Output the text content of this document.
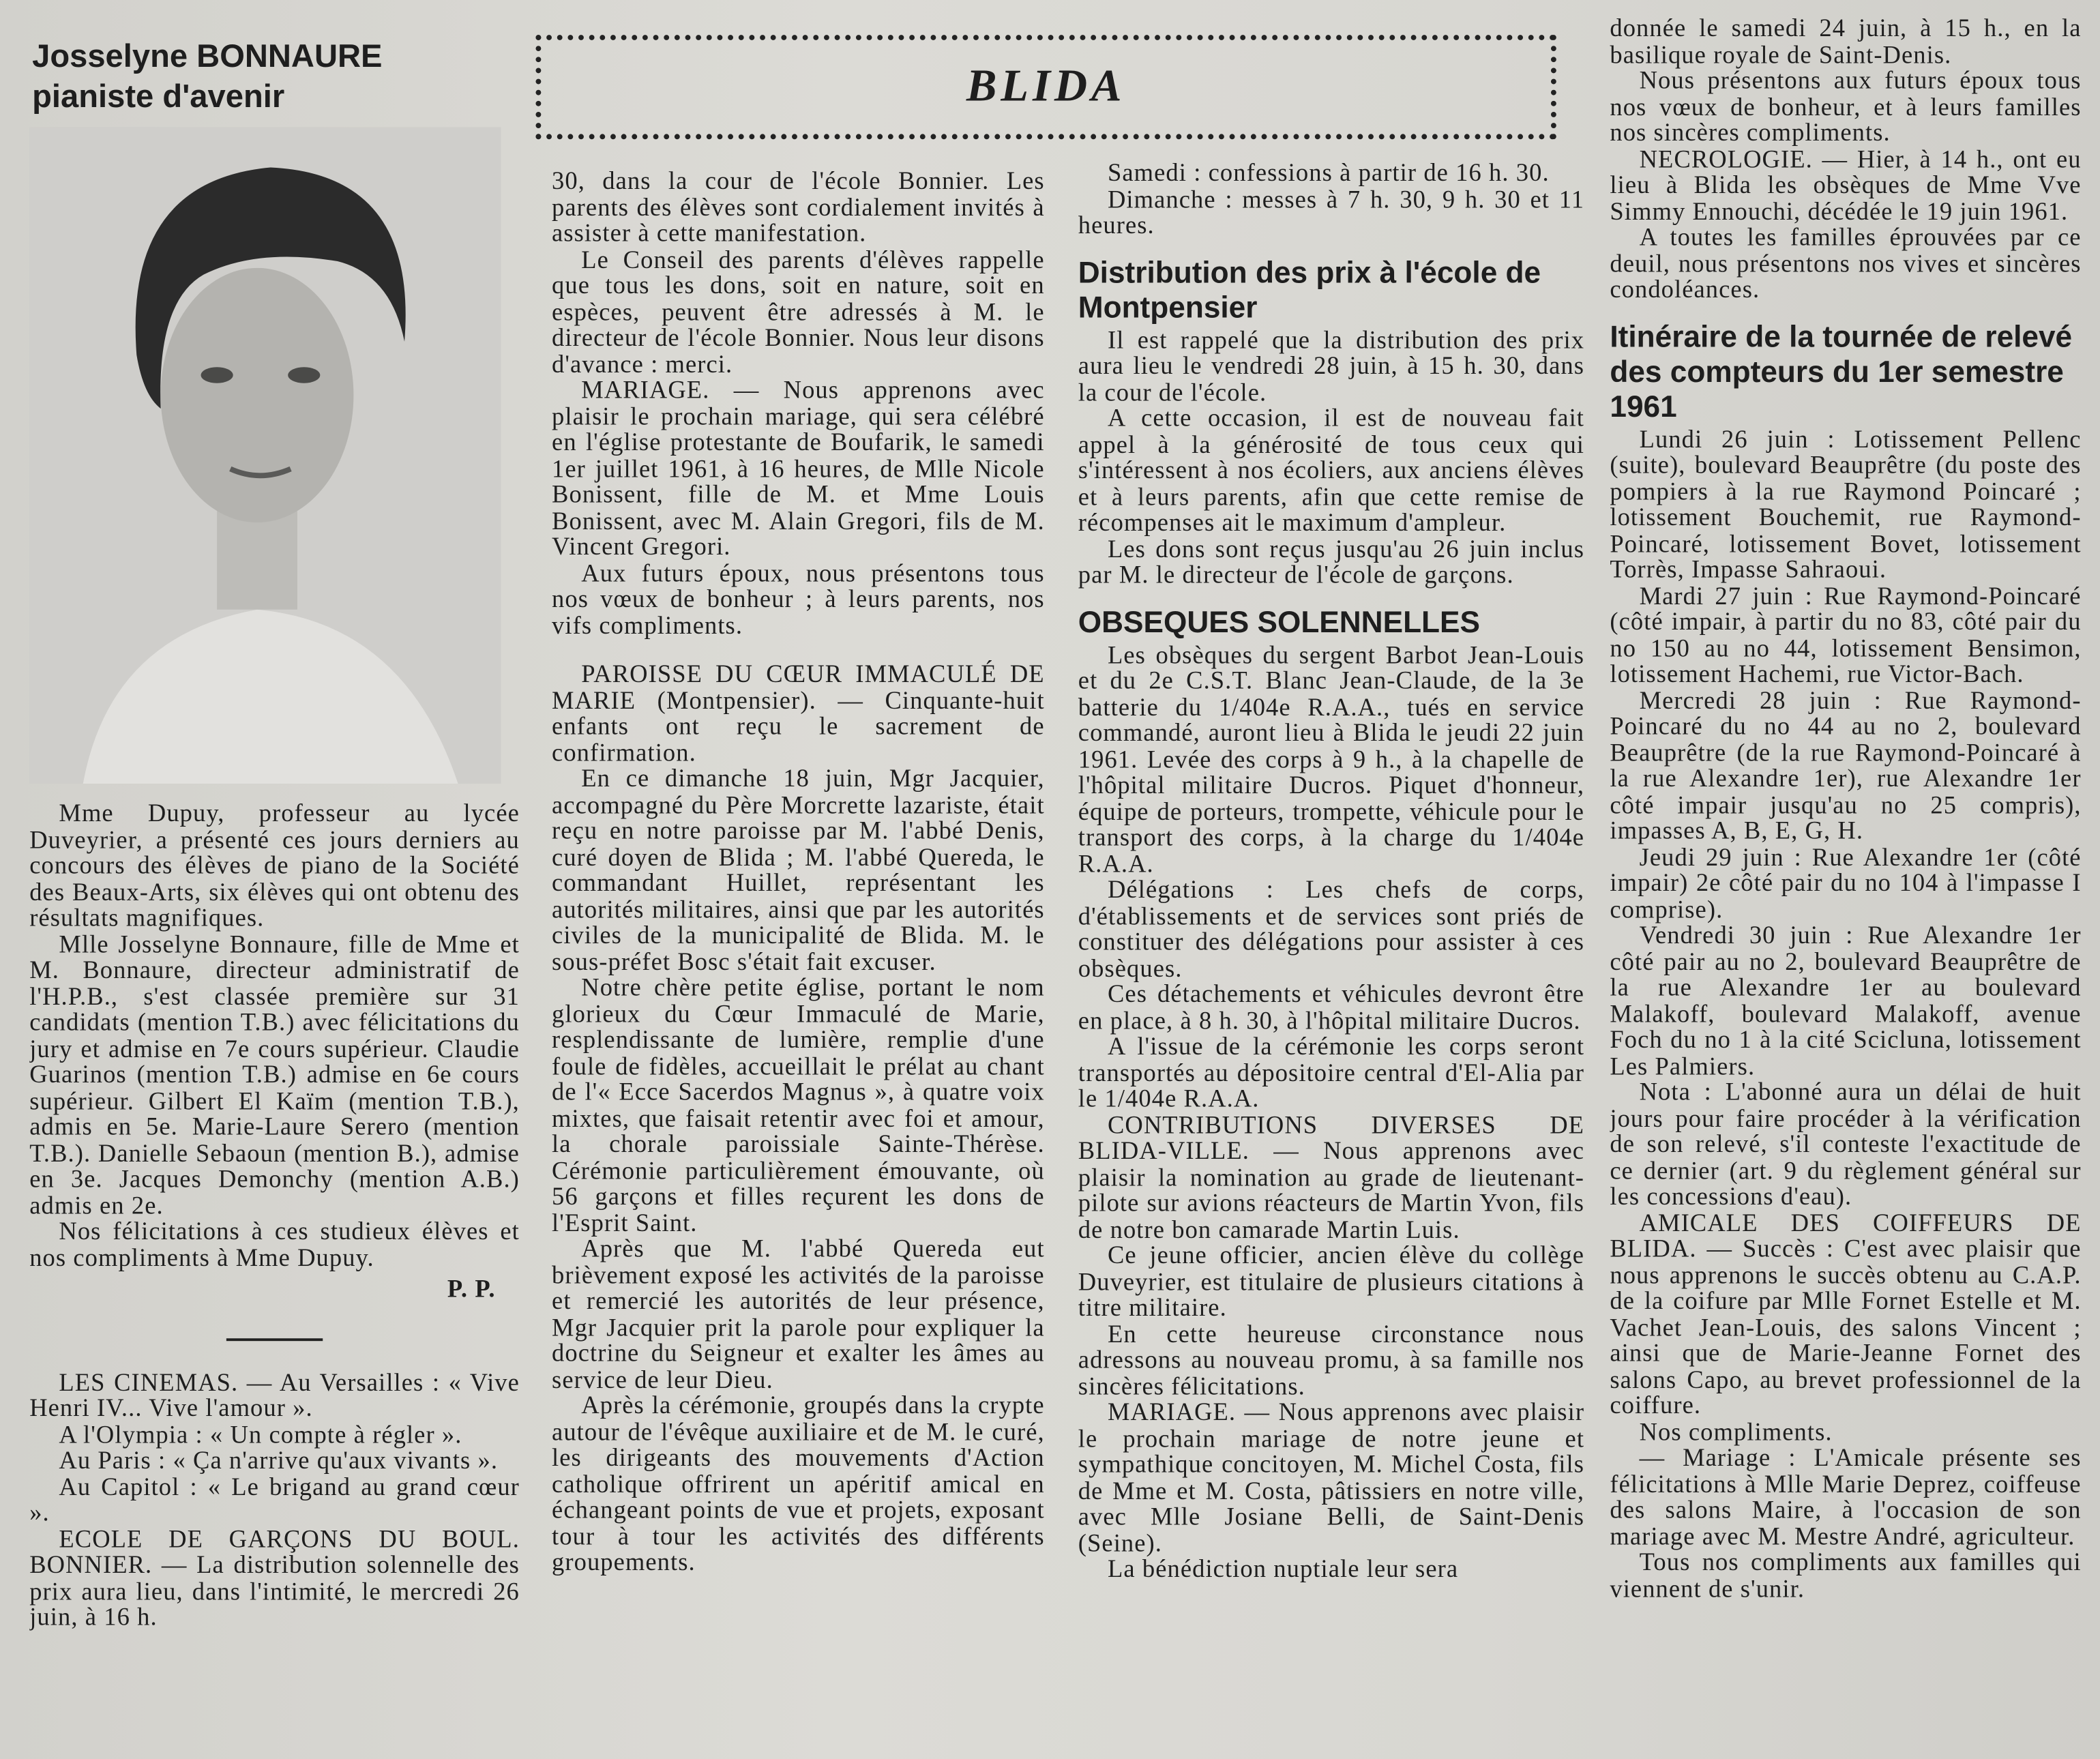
Josselyne BONNAURE
pianiste d'avenir	BLIDA

Mme Dupuy, professeur au lycée Duveyrier, a présenté ces jours derniers au concours des élèves de piano de la Société des Beaux-Arts, six élèves qui ont obtenu des résultats magnifiques.

Mlle Josselyne Bonnaure, fille de Mme et M. Bonnaure, directeur administratif de l'H.P.B., s'est classée première sur 31 candidats (mention T.B.) avec félicitations du jury et admise en 7e cours supérieur. Claudie Guarinos (mention T.B.) admise en 6e cours supérieur. Gilbert El Kaïm (mention T.B.), admis en 5e. Marie-Laure Serero (mention T.B.). Danielle Sebaoun (mention B.), admise en 3e. Jacques Demonchy (mention A.B.) admis en 2e.

Nos félicitations à ces studieux élèves et nos compliments à Mme Dupuy.

P. P.

LES CINEMAS. — Au Versailles : « Vive Henri IV... Vive l'amour ».

A l'Olympia : « Un compte à régler ».

Au Paris : « Ça n'arrive qu'aux vivants ».

Au Capitol : « Le brigand au grand cœur ».

ECOLE DE GARÇONS DU BOUL. BONNIER. — La distribution solennelle des prix aura lieu, dans l'intimité, le mercredi 26 juin, à 16 h.

30, dans la cour de l'école Bonnier. Les parents des élèves sont cordialement invités à assister à cette manifestation.

Le Conseil des parents d'élèves rappelle que tous les dons, soit en nature, soit en espèces, peuvent être adressés à M. le directeur de l'école Bonnier. Nous leur disons d'avance : merci.

MARIAGE. — Nous apprenons avec plaisir le prochain mariage, qui sera célébré en l'église protestante de Boufarik, le samedi 1er juillet 1961, à 16 heures, de Mlle Nicole Bonissent, fille de M. et Mme Louis Bonissent, avec M. Alain Gregori, fils de M. Vincent Gregori.

Aux futurs époux, nous présentons tous nos vœux de bonheur ; à leurs parents, nos vifs compliments.

PAROISSE DU CŒUR IMMACULÉ DE MARIE (Montpensier). — Cinquante-huit enfants ont reçu le sacrement de confirmation.

En ce dimanche 18 juin, Mgr Jacquier, accompagné du Père Morcrette lazariste, était reçu en notre paroisse par M. l'abbé Denis, curé doyen de Blida ; M. l'abbé Quereda, le commandant Huillet, représentant les autorités militaires, ainsi que par les autorités civiles de la municipalité de Blida. M. le sous-préfet Bosc s'était fait excuser.

Notre chère petite église, portant le nom glorieux du Cœur Immaculé de Marie, resplendissante de lumière, remplie d'une foule de fidèles, accueillait le prélat au chant de l'« Ecce Sacerdos Magnus », à quatre voix mixtes, que faisait retentir avec foi et amour, la chorale paroissiale Sainte-Thérèse. Cérémonie particulièrement émouvante, où 56 garçons et filles reçurent les dons de l'Esprit Saint.

Après que M. l'abbé Quereda eut brièvement exposé les activités de la paroisse et remercié les autorités de leur présence, Mgr Jacquier prit la parole pour expliquer la doctrine du Seigneur et exalter les âmes au service de leur Dieu.

Après la cérémonie, groupés dans la crypte autour de l'évêque auxiliaire et de M. le curé, les dirigeants des mouvements d'Action catholique offrirent un apéritif amical en échangeant points de vue et projets, exposant tour à tour les activités des différents groupements.

Samedi : confessions à partir de 16 h. 30.

Dimanche : messes à 7 h. 30, 9 h. 30 et 11 heures.

Distribution des prix à l'école de Montpensier

Il est rappelé que la distribution des prix aura lieu le vendredi 28 juin, à 15 h. 30, dans la cour de l'école.

A cette occasion, il est de nouveau fait appel à la générosité de tous ceux qui s'intéressent à nos écoliers, aux anciens élèves et à leurs parents, afin que cette remise de récompenses ait le maximum d'ampleur.

Les dons sont reçus jusqu'au 26 juin inclus par M. le directeur de l'école de garçons.

OBSEQUES SOLENNELLES

Les obsèques du sergent Barbot Jean-Louis et du 2e C.S.T. Blanc Jean-Claude, de la 3e batterie du 1/404e R.A.A., tués en service commandé, auront lieu à Blida le jeudi 22 juin 1961. Levée des corps à 9 h., à la chapelle de l'hôpital militaire Ducros. Piquet d'honneur, équipe de porteurs, trompette, véhicule pour le transport des corps, à la charge du 1/404e R.A.A.

Délégations : Les chefs de corps, d'établissements et de services sont priés de constituer des délégations pour assister à ces obsèques.

Ces détachements et véhicules devront être en place, à 8 h. 30, à l'hôpital militaire Ducros.

A l'issue de la cérémonie les corps seront transportés au dépositoire central d'El-Alia par le 1/404e R.A.A.

CONTRIBUTIONS DIVERSES DE BLIDA-VILLE. — Nous apprenons avec plaisir la nomination au grade de lieutenant-pilote sur avions réacteurs de Martin Yvon, fils de notre bon camarade Martin Luis.

Ce jeune officier, ancien élève du collège Duveyrier, est titulaire de plusieurs citations à titre militaire.

En cette heureuse circonstance nous adressons au nouveau promu, à sa famille nos sincères félicitations.

MARIAGE. — Nous apprenons avec plaisir le prochain mariage de notre jeune et sympathique concitoyen, M. Michel Costa, fils de Mme et M. Costa, pâtissiers en notre ville, avec Mlle Josiane Belli, de Saint-Denis (Seine).

La bénédiction nuptiale leur sera

donnée le samedi 24 juin, à 15 h., en la basilique royale de Saint-Denis.

Nous présentons aux futurs époux tous nos vœux de bonheur, et à leurs familles nos sincères compliments.

NECROLOGIE. — Hier, à 14 h., ont eu lieu à Blida les obsèques de Mme Vve Simmy Ennouchi, décédée le 19 juin 1961.

A toutes les familles éprouvées par ce deuil, nous présentons nos vives et sincères condoléances.

Itinéraire de la tournée de relevé des compteurs du 1er semestre 1961

Lundi 26 juin : Lotissement Pellenc (suite), boulevard Beauprêtre (du poste des pompiers à la rue Raymond Poincaré ; lotissement Bouchemit, rue Raymond-Poincaré, lotissement Bovet, lotissement Torrès, Impasse Sahraoui.

Mardi 27 juin : Rue Raymond-Poincaré (côté impair, à partir du no 83, côté pair du no 150 au no 44, lotissement Bensimon, lotissement Hachemi, rue Victor-Bach.

Mercredi 28 juin : Rue Raymond-Poincaré du no 44 au no 2, boulevard Beauprêtre (de la rue Raymond-Poincaré à la rue Alexandre 1er), rue Alexandre 1er côté impair jusqu'au no 25 compris), impasses A, B, E, G, H.

Jeudi 29 juin : Rue Alexandre 1er (côté impair) 2e côté pair du no 104 à l'impasse I comprise).

Vendredi 30 juin : Rue Alexandre 1er côté pair au no 2, boulevard Beauprêtre de la rue Alexandre 1er au boulevard Malakoff, boulevard Malakoff, avenue Foch du no 1 à la cité Scicluna, lotissement Les Palmiers.

Nota : L'abonné aura un délai de huit jours pour faire procéder à la vérification de son relevé, s'il conteste l'exactitude de ce dernier (art. 9 du règlement général sur les concessions d'eau).

AMICALE DES COIFFEURS DE BLIDA. — Succès : C'est avec plaisir que nous apprenons le succès obtenu au C.A.P. de la coifure par Mlle Fornet Estelle et M. Vachet Jean-Louis, des salons Vincent ; ainsi que de Marie-Jeanne Fornet des salons Capo, au brevet professionnel de la coiffure.

Nos compliments.

— Mariage : L'Amicale présente ses félicitations à Mlle Marie Deprez, coiffeuse des salons Maire, à l'occasion de son mariage avec M. Mestre André, agriculteur.

Tous nos compliments aux familles qui viennent de s'unir.
